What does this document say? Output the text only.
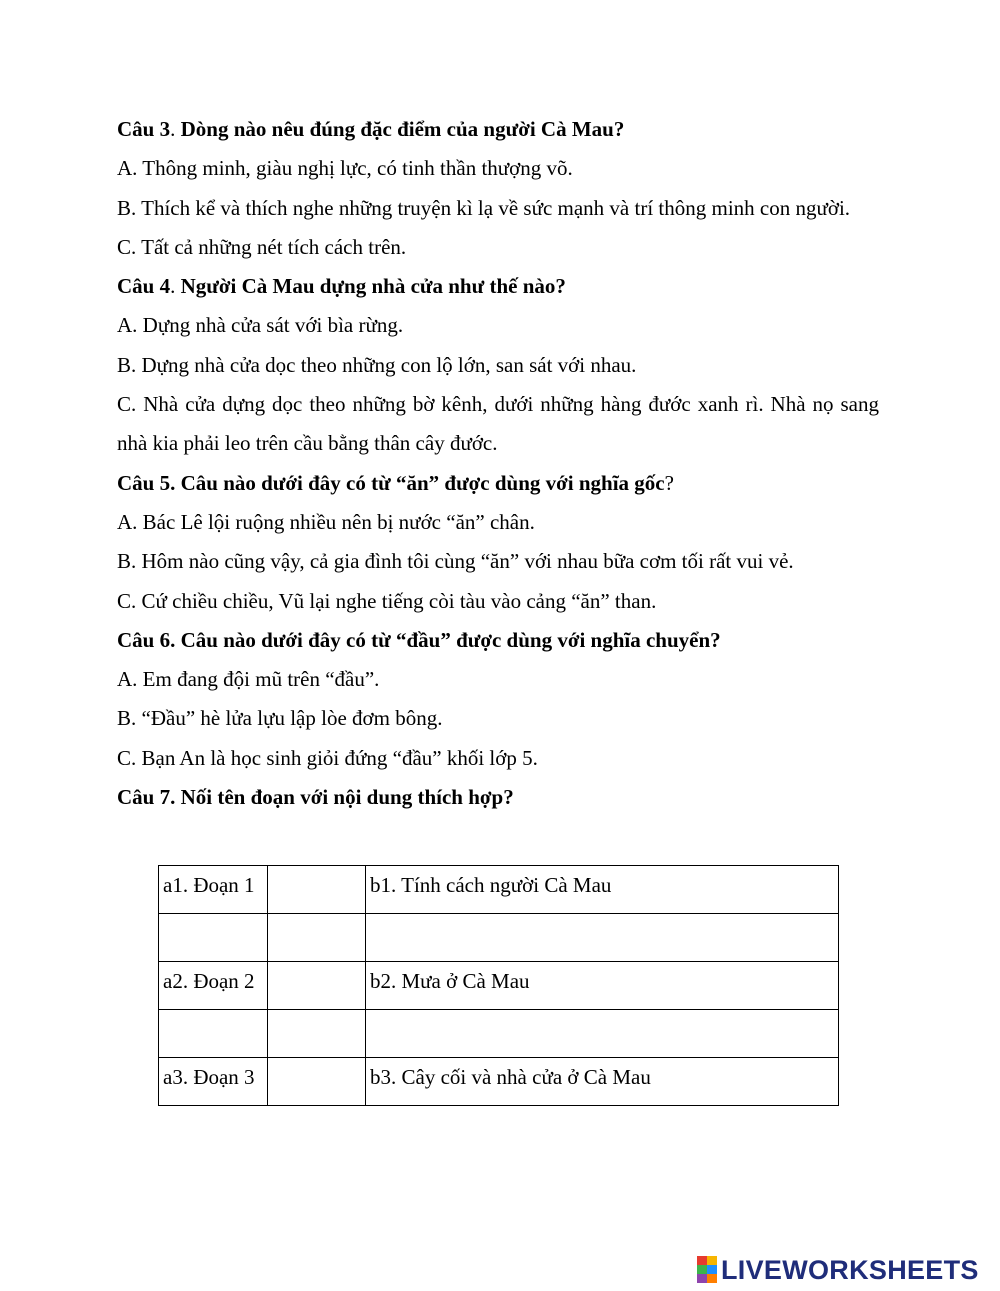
Câu 3. Dòng nào nêu đúng đặc điểm của người Cà Mau?
A. Thông minh, giàu nghị lực, có tinh thần thượng võ.
B. Thích kể và thích nghe những truyện kì lạ về sức mạnh và trí thông minh con người.
C. Tất cả những nét tích cách trên.
Câu 4. Người Cà Mau dựng nhà cửa như thế nào?
A. Dựng nhà cửa sát với bìa rừng.
B. Dựng nhà cửa dọc theo những con lộ lớn, san sát với nhau.
C. Nhà cửa dựng dọc theo những bờ kênh, dưới những hàng đước xanh rì. Nhà nọ sang nhà kia phải leo trên cầu bằng thân cây đước.
Câu 5. Câu nào dưới đây có từ “ăn” được dùng với nghĩa gốc?
A. Bác Lê lội ruộng nhiều nên bị nước “ăn” chân.
B. Hôm nào cũng vậy, cả gia đình tôi cùng “ăn” với nhau bữa cơm tối rất vui vẻ.
C. Cứ chiều chiều, Vũ lại nghe tiếng còi tàu vào cảng “ăn” than.
Câu 6. Câu nào dưới đây có từ “đầu” được dùng với nghĩa chuyển?
A. Em đang đội mũ trên “đầu”.
B. “Đầu” hè lửa lựu lập lòe đơm bông.
C. Bạn An là học sinh giỏi đứng “đầu” khối lớp 5.
Câu 7. Nối tên đoạn với nội dung thích hợp?
a1. Đoạn 1		b1. Tính cách người Cà Mau

a2. Đoạn 2		b2. Mưa ở Cà Mau

a3. Đoạn 3		b3. Cây cối và nhà cửa ở Cà Mau
LIVEWORKSHEETS
